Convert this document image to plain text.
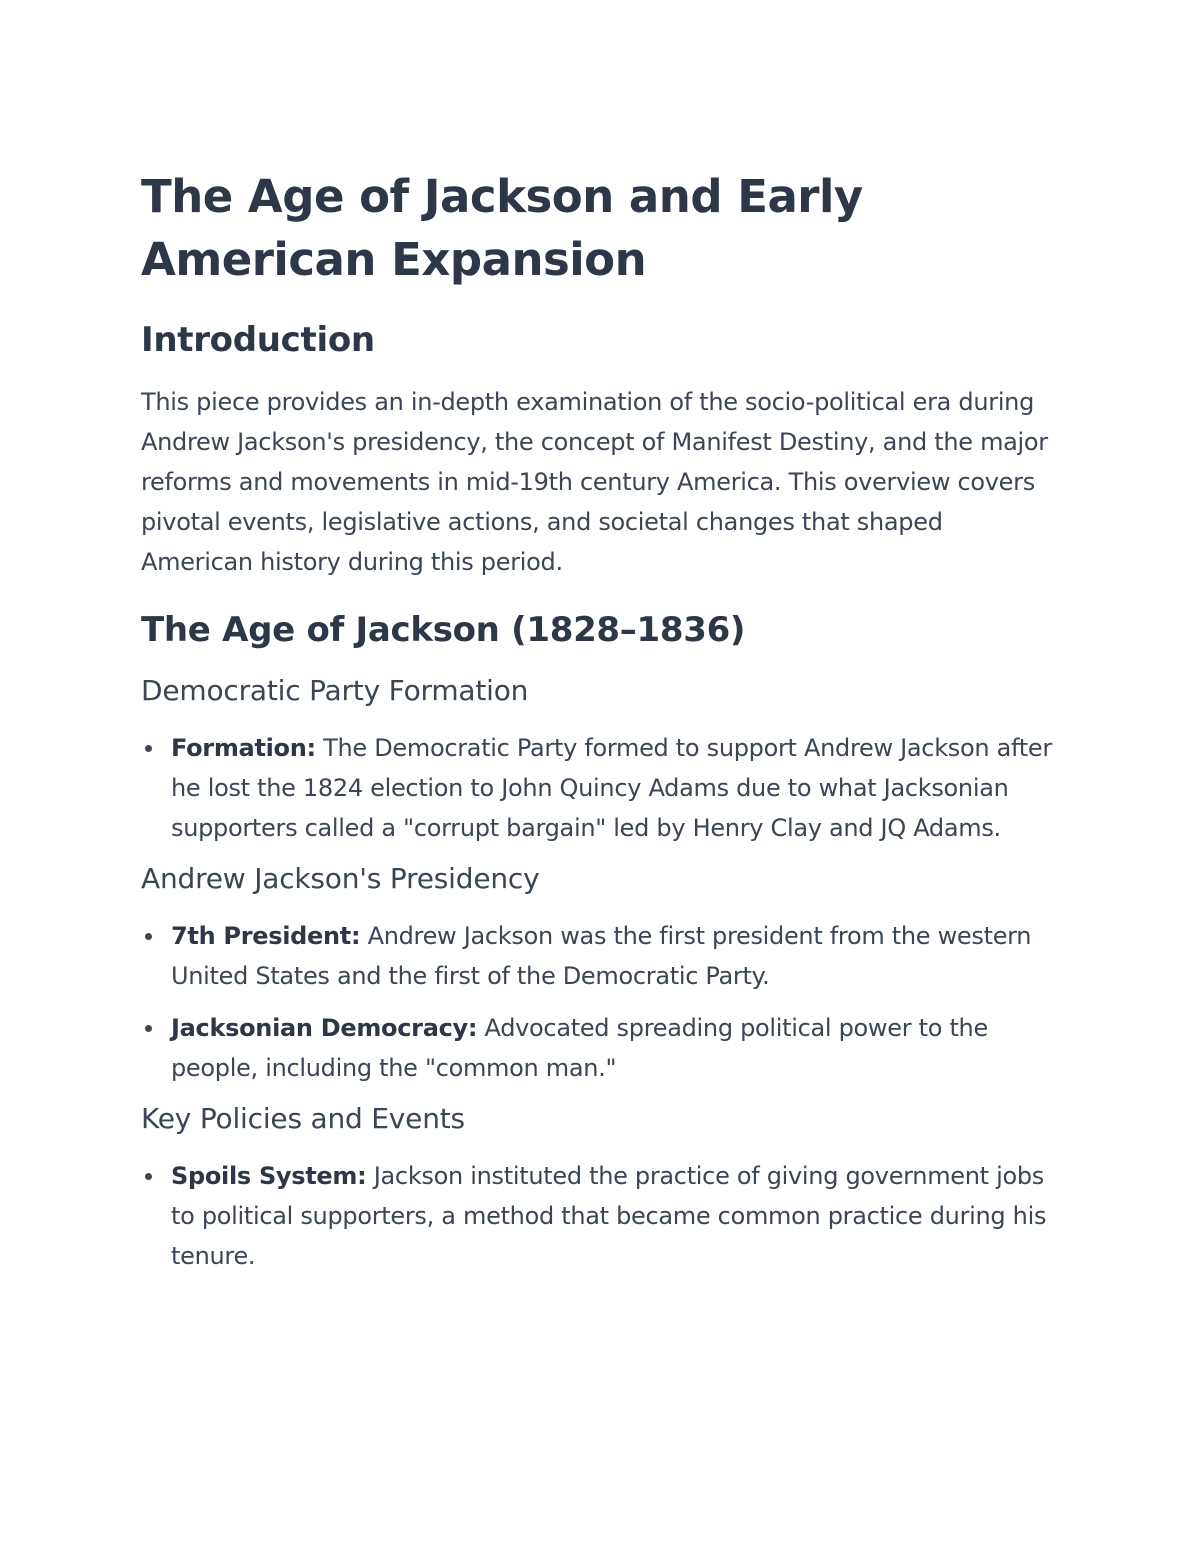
The Age of Jackson and Early American Expansion
Introduction

This piece provides an in-depth examination of the socio-political era during Andrew Jackson's presidency, the concept of Manifest Destiny, and the major reforms and movements in mid-19th century America. This overview covers pivotal events, legislative actions, and societal changes that shaped American history during this period.

The Age of Jackson (1828–1836)
Democratic Party Formation
Formation: The Democratic Party formed to support Andrew Jackson after he lost the 1824 election to John Quincy Adams due to what Jacksonian supporters called a "corrupt bargain" led by Henry Clay and JQ Adams.
Andrew Jackson's Presidency
7th President: Andrew Jackson was the first president from the western United States and the first of the Democratic Party.
Jacksonian Democracy: Advocated spreading political power to the people, including the "common man."
Key Policies and Events
Spoils System: Jackson instituted the practice of giving government jobs to political supporters, a method that became common practice during his tenure.
